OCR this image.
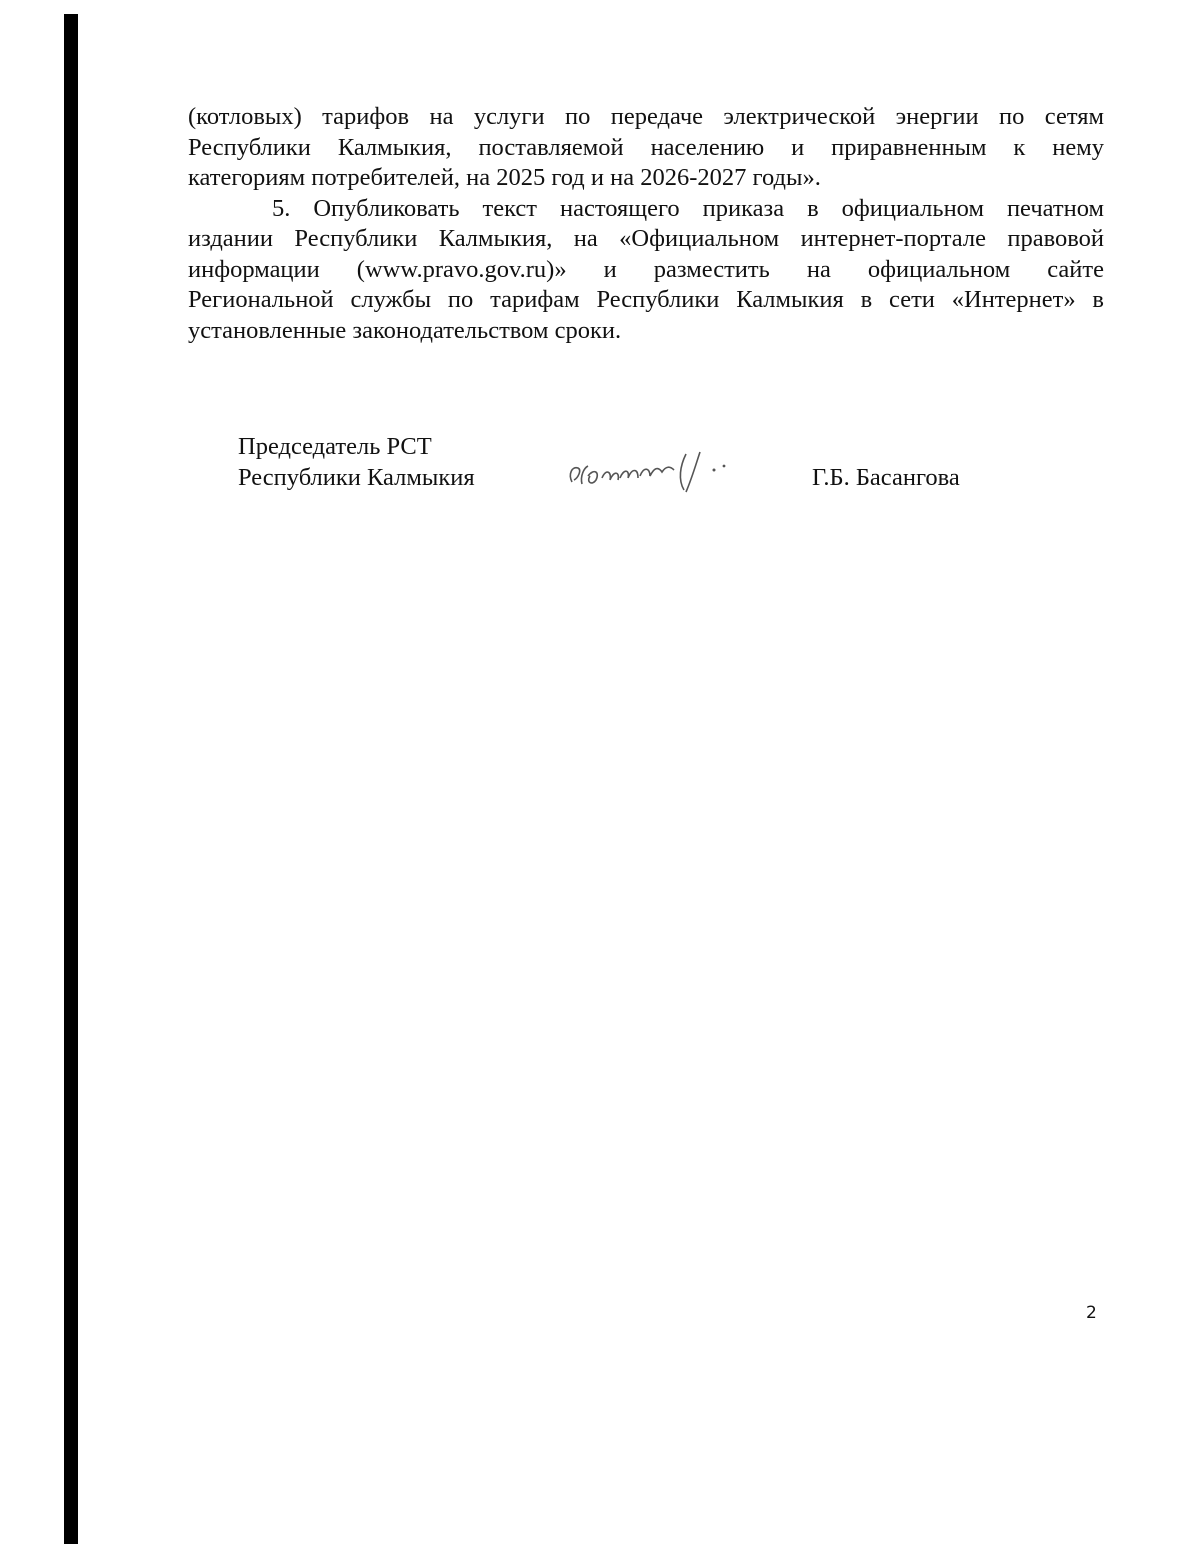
(котловых) тарифов на услуги по передаче электрической энергии по сетям
Республики Калмыкия, поставляемой населению и приравненным к нему
категориям потребителей, на 2025 год и на 2026-2027 годы».
5. Опубликовать текст настоящего приказа в официальном печатном
издании Республики Калмыкия, на «Официальном интернет-портале правовой
информации (www.pravo.gov.ru)» и разместить на официальном сайте
Региональной службы по тарифам Республики Калмыкия в сети «Интернет» в
установленные законодательством сроки.
Председатель РСТ
Республики Калмыкия	Г.Б. Басангова
2
